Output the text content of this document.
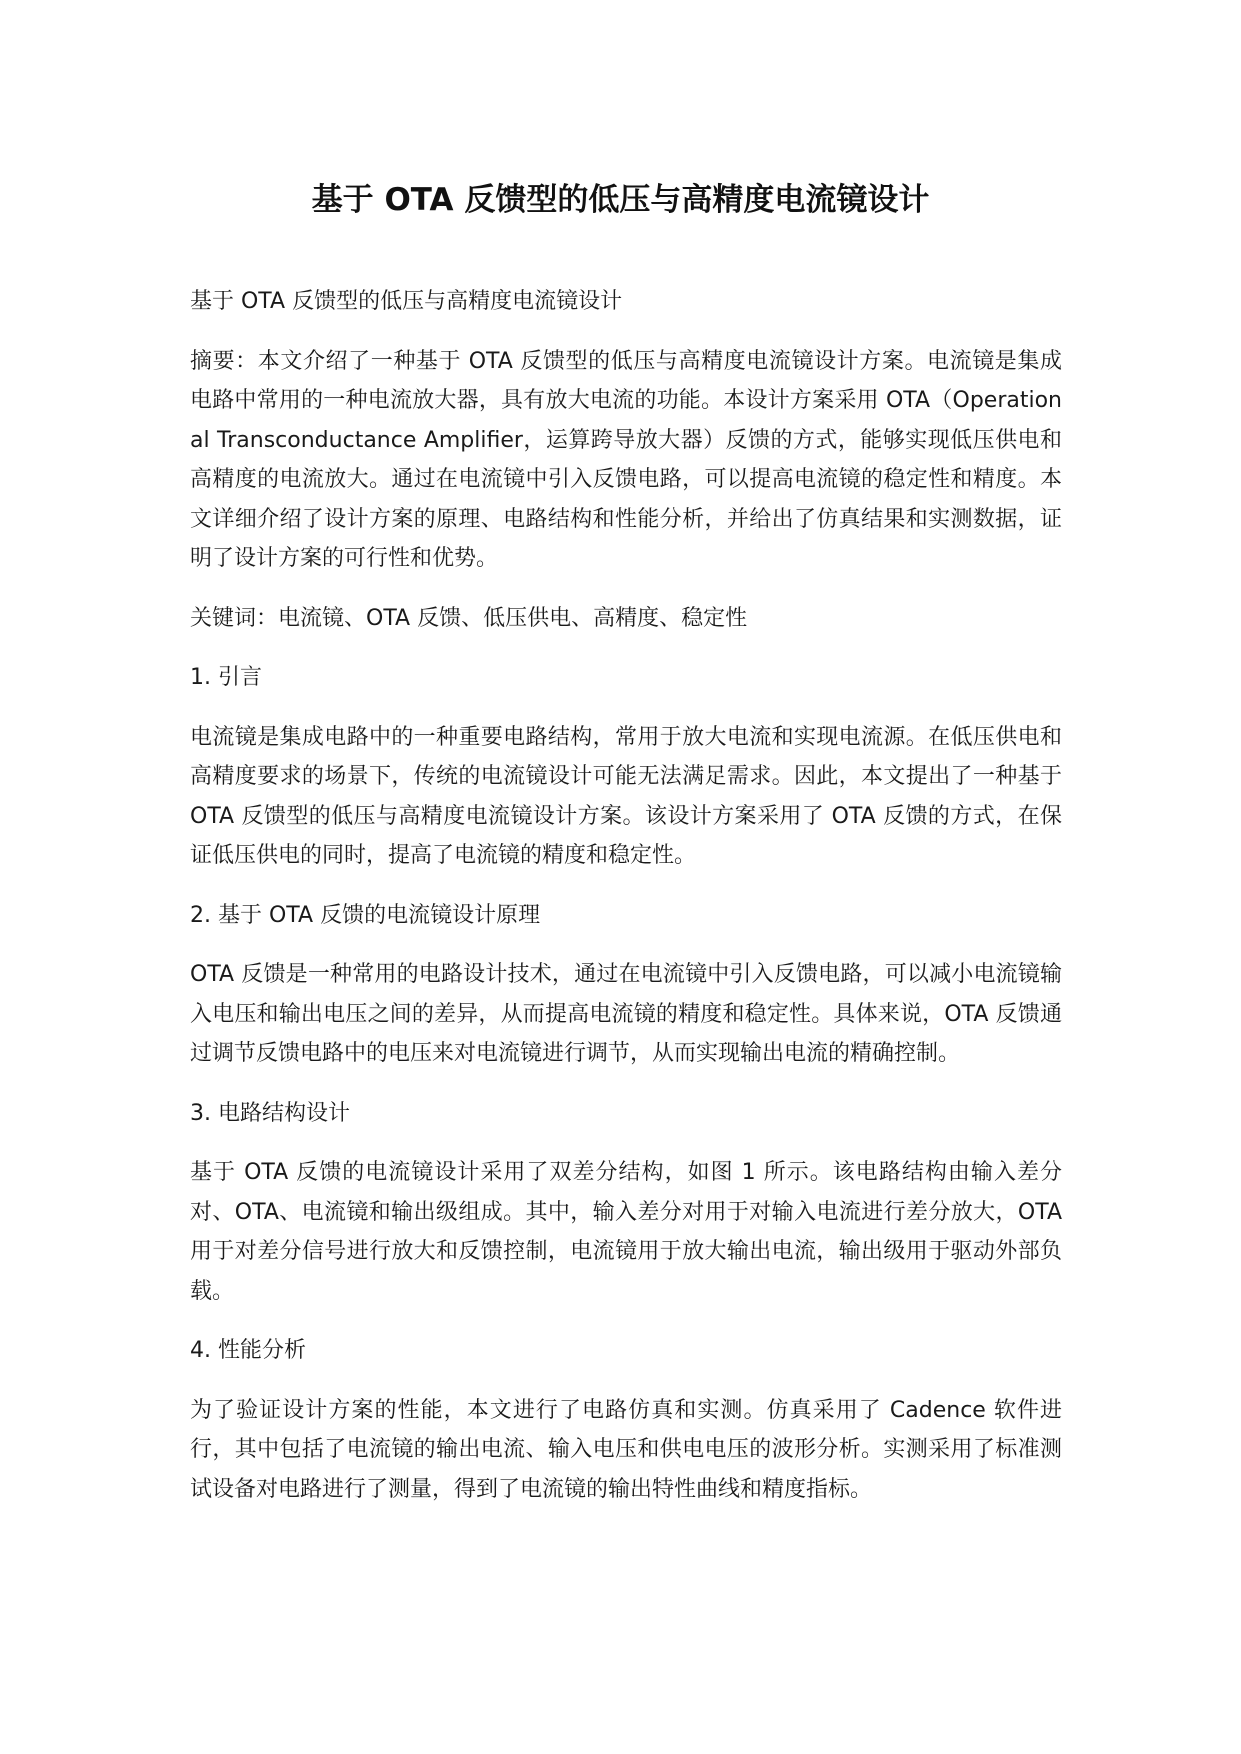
基于 OTA 反馈型的低压与高精度电流镜设计

基于 OTA 反馈型的低压与高精度电流镜设计

摘要：本文介绍了一种基于 OTA 反馈型的低压与高精度电流镜设计方案。电流镜是集成电路中常用的一种电流放大器，具有放大电流的功能。本设计方案采用 OTA（Operational Transconductance Amplifier，运算跨导放大器）反馈的方式，能够实现低压供电和高精度的电流放大。通过在电流镜中引入反馈电路，可以提高电流镜的稳定性和精度。本文详细介绍了设计方案的原理、电路结构和性能分析，并给出了仿真结果和实测数据，证明了设计方案的可行性和优势。

关键词：电流镜、OTA 反馈、低压供电、高精度、稳定性

1. 引言

电流镜是集成电路中的一种重要电路结构，常用于放大电流和实现电流源。在低压供电和高精度要求的场景下，传统的电流镜设计可能无法满足需求。因此，本文提出了一种基于 OTA 反馈型的低压与高精度电流镜设计方案。该设计方案采用了 OTA 反馈的方式，在保证低压供电的同时，提高了电流镜的精度和稳定性。

2. 基于 OTA 反馈的电流镜设计原理

OTA 反馈是一种常用的电路设计技术，通过在电流镜中引入反馈电路，可以减小电流镜输入电压和输出电压之间的差异，从而提高电流镜的精度和稳定性。具体来说，OTA 反馈通过调节反馈电路中的电压来对电流镜进行调节，从而实现输出电流的精确控制。

3. 电路结构设计

基于 OTA 反馈的电流镜设计采用了双差分结构，如图 1 所示。该电路结构由输入差分对、OTA、电流镜和输出级组成。其中，输入差分对用于对输入电流进行差分放大，OTA 用于对差分信号进行放大和反馈控制，电流镜用于放大输出电流，输出级用于驱动外部负载。

4. 性能分析

为了验证设计方案的性能，本文进行了电路仿真和实测。仿真采用了 Cadence 软件进行，其中包括了电流镜的输出电流、输入电压和供电电压的波形分析。实测采用了标准测试设备对电路进行了测量，得到了电流镜的输出特性曲线和精度指标。
